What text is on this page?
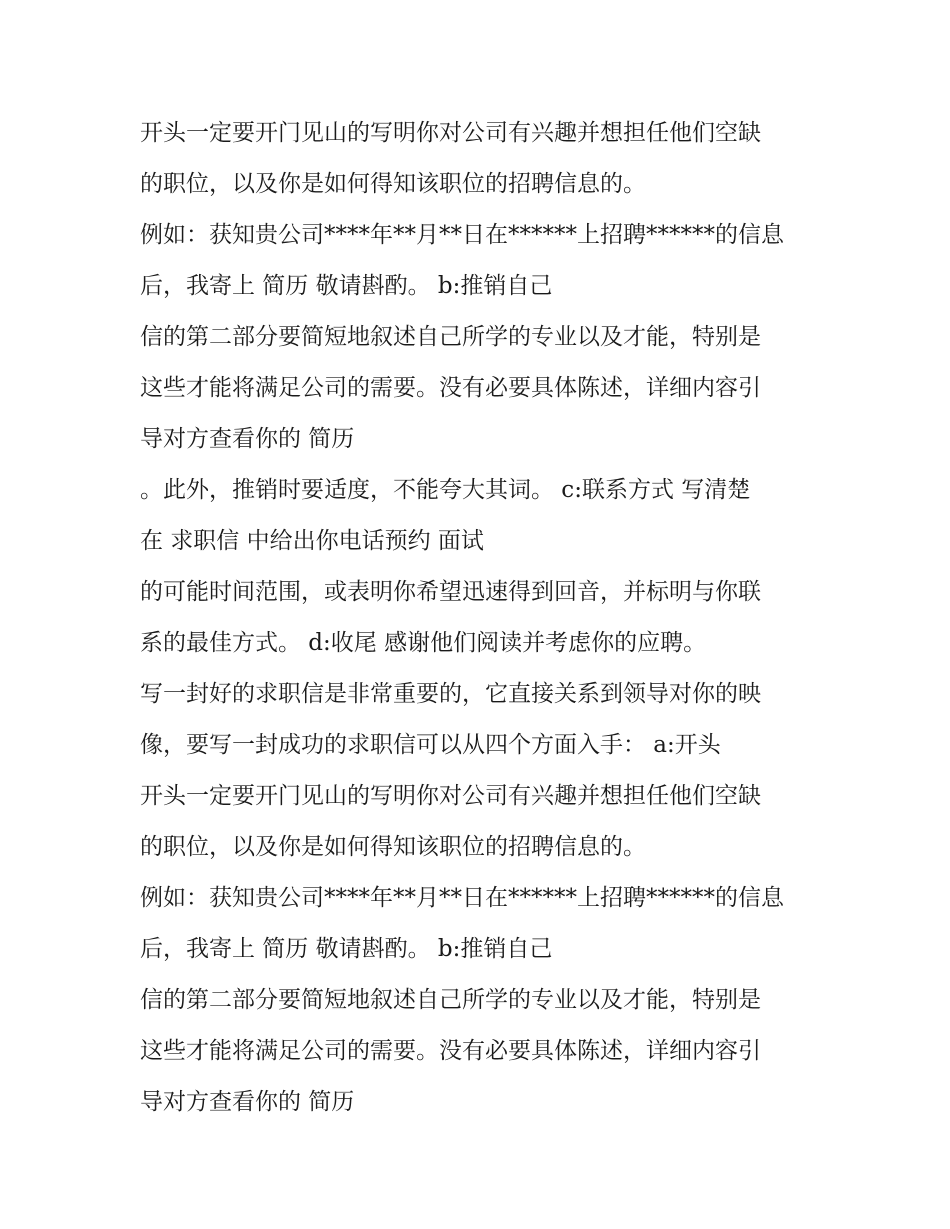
开头一定要开门见山的写明你对公司有兴趣并想担任他们空缺
的职位，以及你是如何得知该职位的招聘信息的。
例如：获知贵公司****年**月**日在******上招聘******的信息
后，我寄上 简历 敬请斟酌。 b:推销自己
信的第二部分要简短地叙述自己所学的专业以及才能，特别是
这些才能将满足公司的需要。没有必要具体陈述，详细内容引
导对方查看你的 简历
。此外，推销时要适度，不能夸大其词。 c:联系方式 写清楚
在 求职信 中给出你电话预约 面试
的可能时间范围，或表明你希望迅速得到回音，并标明与你联
系的最佳方式。 d:收尾 感谢他们阅读并考虑你的应聘。
写一封好的求职信是非常重要的，它直接关系到领导对你的映
像，要写一封成功的求职信可以从四个方面入手： a:开头
开头一定要开门见山的写明你对公司有兴趣并想担任他们空缺
的职位，以及你是如何得知该职位的招聘信息的。
例如：获知贵公司****年**月**日在******上招聘******的信息
后，我寄上 简历 敬请斟酌。 b:推销自己
信的第二部分要简短地叙述自己所学的专业以及才能，特别是
这些才能将满足公司的需要。没有必要具体陈述，详细内容引
导对方查看你的 简历
